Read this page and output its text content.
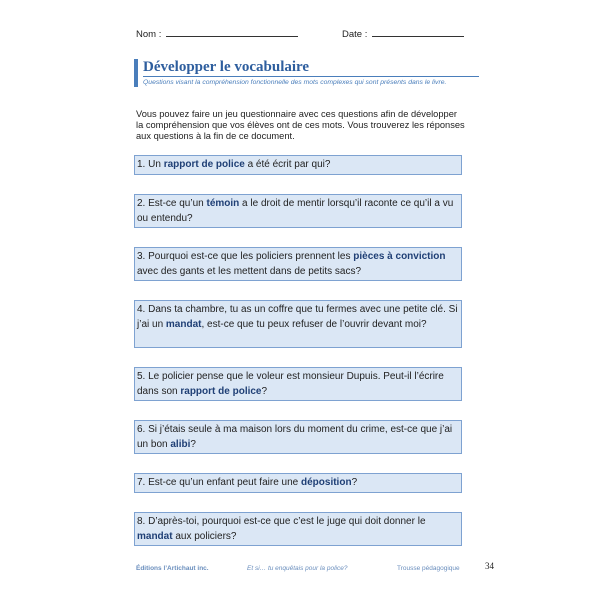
Nom :	Date :
Développer le vocabulaire
Questions visant la compréhension fonctionnelle des mots complexes qui sont présents dans le livre.
Vous pouvez faire un jeu questionnaire avec ces questions afin de développer la compréhension que vos élèves ont de ces mots. Vous trouverez les réponses aux questions à la fin de ce document.
1. Un rapport de police a été écrit par qui?
2. Est-ce qu’un témoin a le droit de mentir lorsqu’il raconte ce qu’il a vu ou entendu?
3. Pourquoi est-ce que les policiers prennent les pièces à conviction avec des gants et les mettent dans de petits sacs?
4. Dans ta chambre, tu as un coffre que tu fermes avec une petite clé. Si j’ai un mandat, est-ce que tu peux refuser de l’ouvrir devant moi?
5. Le policier pense que le voleur est monsieur Dupuis. Peut-il l’écrire dans son rapport de police?
6. Si j’étais seule à ma maison lors du moment du crime, est-ce que j’ai un bon alibi?
7. Est-ce qu’un enfant peut faire une déposition?
8. D’après-toi, pourquoi est-ce que c’est le juge qui doit donner le mandat aux policiers?
Éditions l’Artichaut inc.	Et si… tu enquêtais pour la police?	Trousse pédagogique	34
